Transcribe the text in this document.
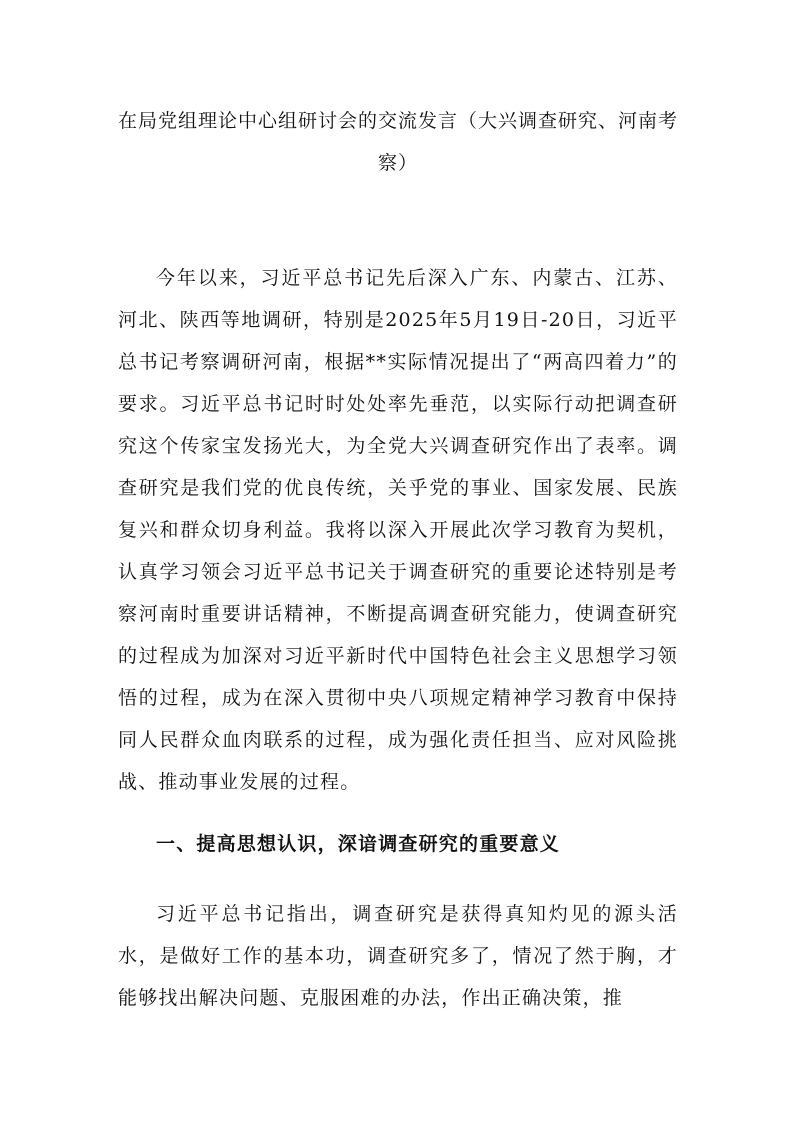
在局党组理论中心组研讨会的交流发言（大兴调查研究、河南考察）

今年以来，习近平总书记先后深入广东、内蒙古、江苏、河北、陕西等地调研，特别是2025年5月19日-20日，习近平总书记考察调研河南，根据**实际情况提出了“两高四着力”的要求。习近平总书记时时处处率先垂范，以实际行动把调查研究这个传家宝发扬光大，为全党大兴调查研究作出了表率。调查研究是我们党的优良传统，关乎党的事业、国家发展、民族复兴和群众切身利益。我将以深入开展此次学习教育为契机，认真学习领会习近平总书记关于调查研究的重要论述特别是考察河南时重要讲话精神，不断提高调查研究能力，使调查研究的过程成为加深对习近平新时代中国特色社会主义思想学习领悟的过程，成为在深入贯彻中央八项规定精神学习教育中保持同人民群众血肉联系的过程，成为强化责任担当、应对风险挑战、推动事业发展的过程。

一、提高思想认识，深谙调查研究的重要意义

习近平总书记指出，调查研究是获得真知灼见的源头活水，是做好工作的基本功，调查研究多了，情况了然于胸，才能够找出解决问题、克服困难的办法，作出正确决策，推
